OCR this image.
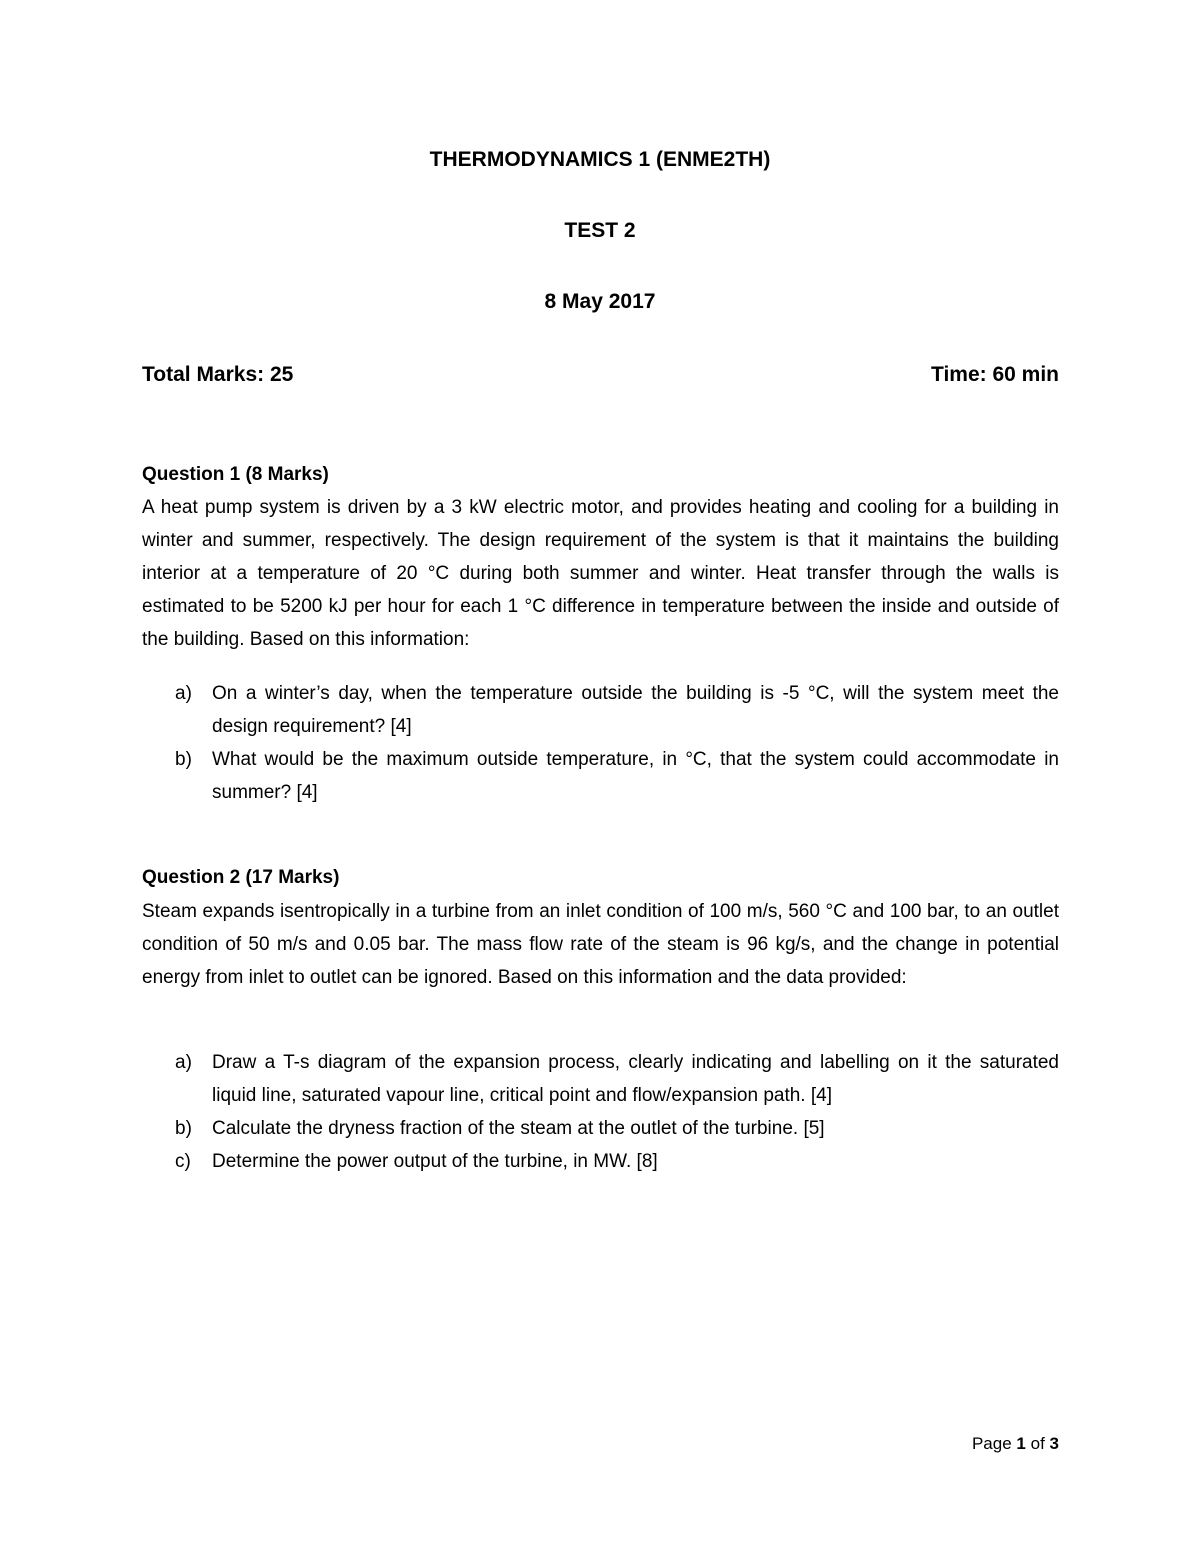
THERMODYNAMICS 1 (ENME2TH)
TEST 2
8 May 2017
Total Marks: 25	Time: 60 min
Question 1 (8 Marks)
A heat pump system is driven by a 3 kW electric motor, and provides heating and cooling for a building in winter and summer, respectively. The design requirement of the system is that it maintains the building interior at a temperature of 20 °C during both summer and winter. Heat transfer through the walls is estimated to be 5200 kJ per hour for each 1 °C difference in temperature between the inside and outside of the building. Based on this information:
a) On a winter’s day, when the temperature outside the building is -5 °C, will the system meet the design requirement? [4]
b) What would be the maximum outside temperature, in °C, that the system could accommodate in summer? [4]
Question 2 (17 Marks)
Steam expands isentropically in a turbine from an inlet condition of 100 m/s, 560 °C and 100 bar, to an outlet condition of 50 m/s and 0.05 bar. The mass flow rate of the steam is 96 kg/s, and the change in potential energy from inlet to outlet can be ignored. Based on this information and the data provided:
a) Draw a T-s diagram of the expansion process, clearly indicating and labelling on it the saturated liquid line, saturated vapour line, critical point and flow/expansion path. [4]
b) Calculate the dryness fraction of the steam at the outlet of the turbine. [5]
c) Determine the power output of the turbine, in MW. [8]
Page 1 of 3
